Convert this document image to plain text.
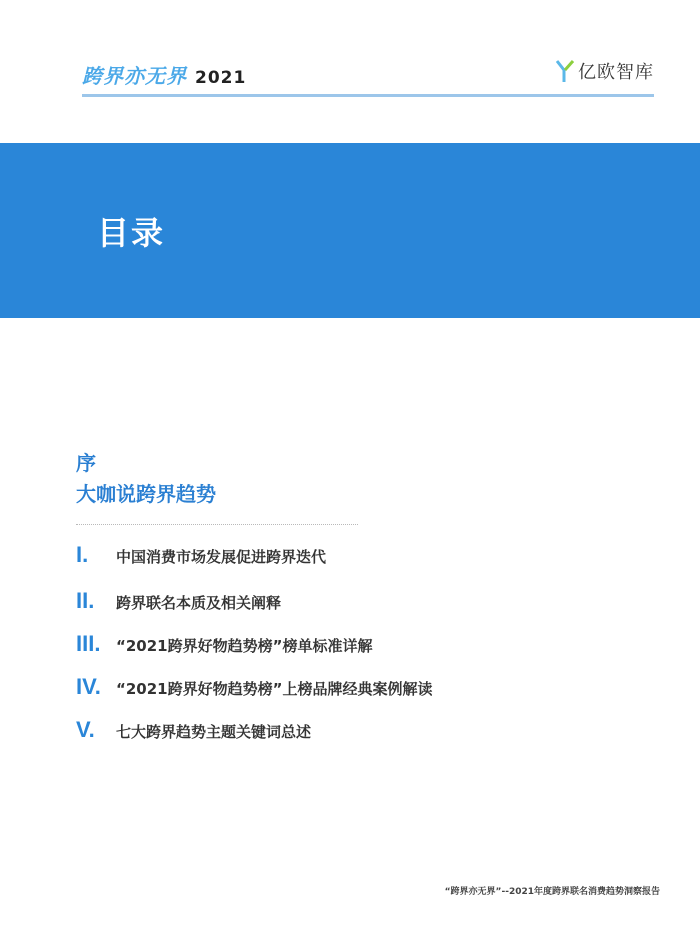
跨界亦无界 2021	亿欧智库
目录
序
大咖说跨界趋势
I.	中国消费市场发展促进跨界迭代
II.	跨界联名本质及相关阐释
III.	“2021跨界好物趋势榜”榜单标准详解
IV.	“2021跨界好物趋势榜”上榜品牌经典案例解读
V.	七大跨界趋势主题关键词总述
“跨界亦无界”--2021年度跨界联名消费趋势洞察报告
